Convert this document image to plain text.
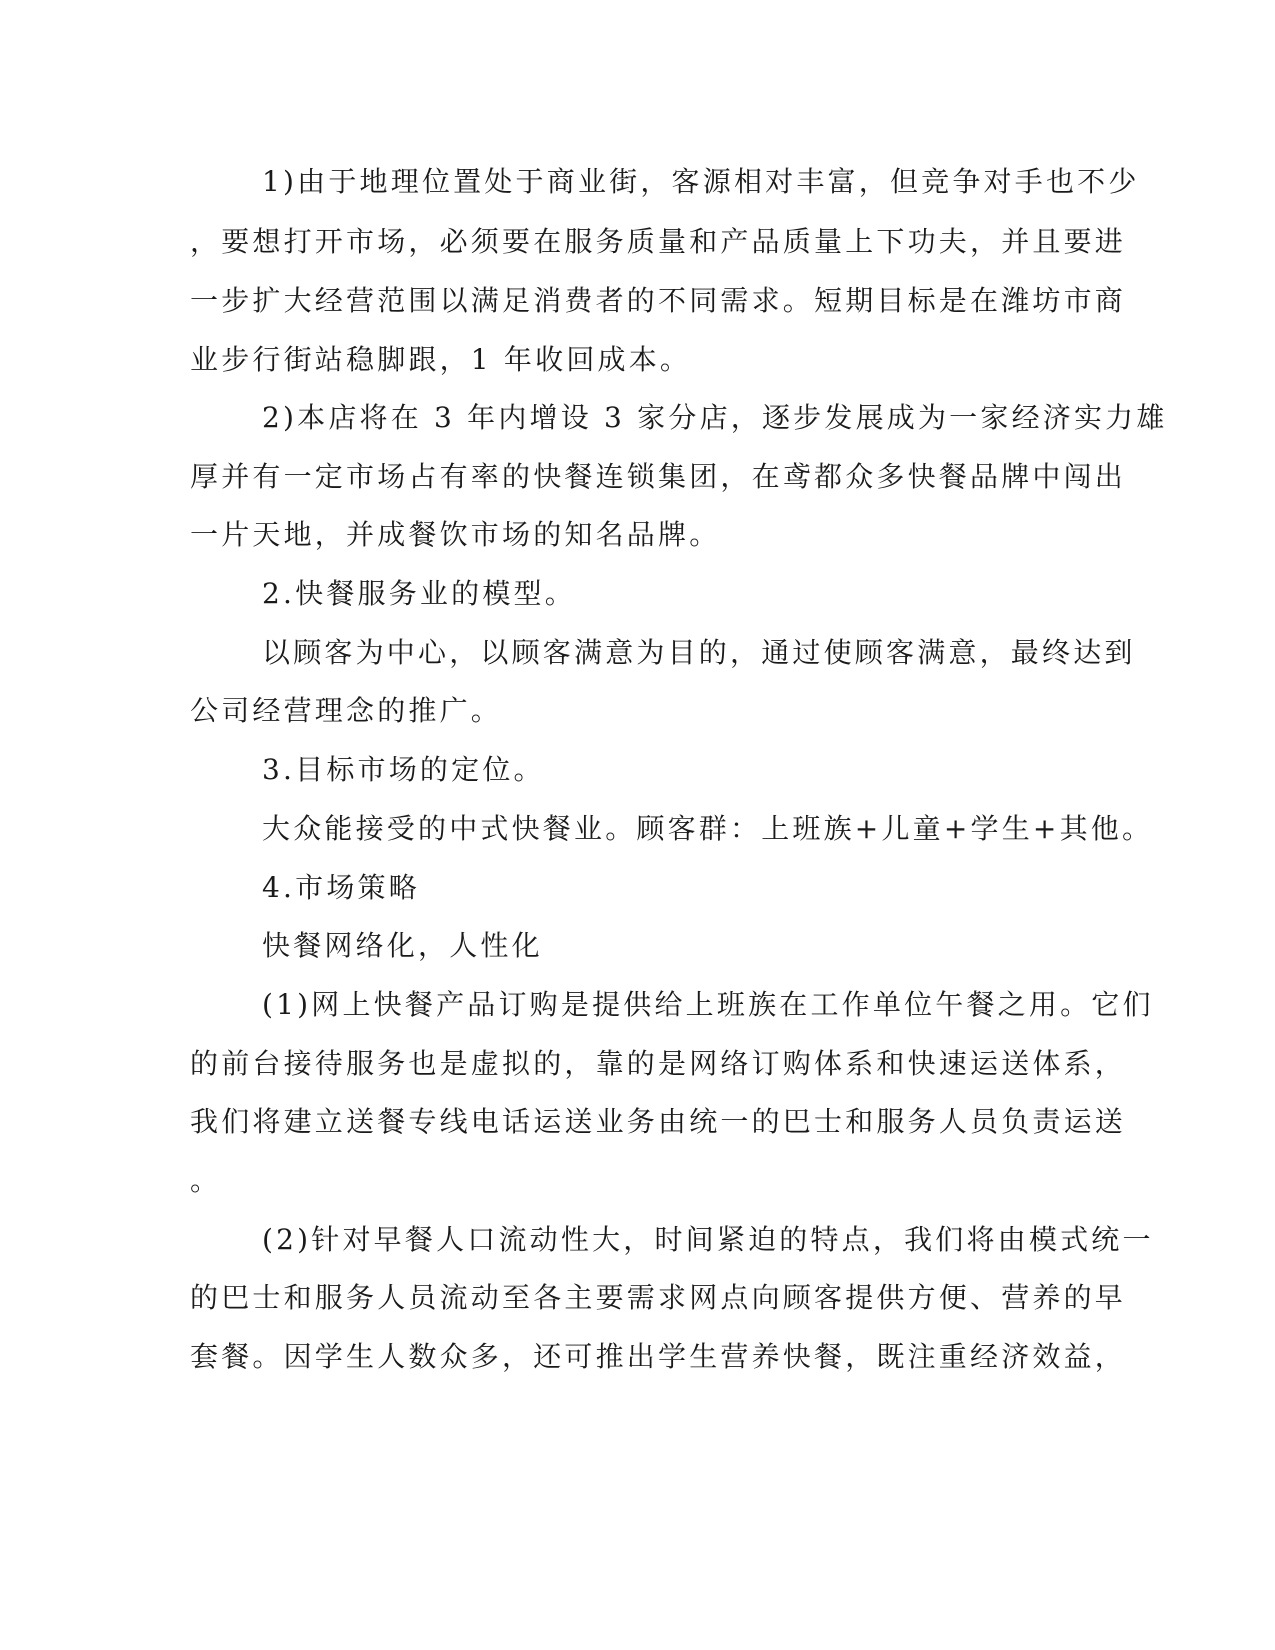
1)由于地理位置处于商业街，客源相对丰富，但竞争对手也不少
，要想打开市场，必须要在服务质量和产品质量上下功夫，并且要进
一步扩大经营范围以满足消费者的不同需求。短期目标是在潍坊市商
业步行街站稳脚跟，1 年收回成本。
2)本店将在 3 年内增设 3 家分店，逐步发展成为一家经济实力雄
厚并有一定市场占有率的快餐连锁集团，在鸢都众多快餐品牌中闯出
一片天地，并成餐饮市场的知名品牌。
2.快餐服务业的模型。
以顾客为中心，以顾客满意为目的，通过使顾客满意，最终达到
公司经营理念的推广。
3.目标市场的定位。
大众能接受的中式快餐业。顾客群：上班族+儿童+学生+其他。
4.市场策略
快餐网络化，人性化
(1)网上快餐产品订购是提供给上班族在工作单位午餐之用。它们
的前台接待服务也是虚拟的，靠的是网络订购体系和快速运送体系，
我们将建立送餐专线电话运送业务由统一的巴士和服务人员负责运送
。
(2)针对早餐人口流动性大，时间紧迫的特点，我们将由模式统一
的巴士和服务人员流动至各主要需求网点向顾客提供方便、营养的早
套餐。因学生人数众多，还可推出学生营养快餐，既注重经济效益，
